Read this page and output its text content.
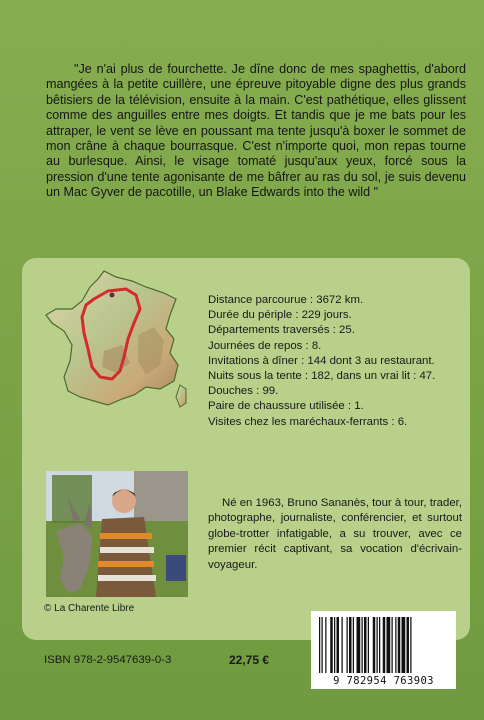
"Je n'ai plus de fourchette. Je dîne donc de mes spaghettis, d'abord mangées à la petite cuillère, une épreuve pitoyable digne des plus grands bêtisiers de la télévision, ensuite à la main. C'est pathétique, elles glissent comme des anguilles entre mes doigts. Et tandis que je me bats pour les attraper, le vent se lève en poussant ma tente jusqu'à boxer le sommet de mon crâne à chaque bourrasque. C'est n'importe quoi, mon repas tourne au burlesque. Ainsi, le visage tomaté jusqu'aux yeux, forcé sous la pression d'une tente agonisante de me bâfrer au ras du sol, je suis devenu un Mac Gyver de pacotille, un Blake Edwards into the wild "
Distance parcourue : 3672 km.
Durée du périple : 229 jours.
Départements traversés : 25.
Journées de repos : 8.
Invitations à dîner : 144 dont 3 au restaurant.
Nuits sous la tente : 182, dans un vrai lit : 47.
Douches : 99.
Paire de chaussure utilisée : 1.
Visites chez les maréchaux-ferrants : 6.
© La Charente Libre
Né en 1963, Bruno Sananès, tour à tour, trader, photographe, journaliste, conférencier, et surtout globe-trotter infatigable, a su trouver, avec ce premier récit captivant, sa vocation d'écrivain-voyageur.
ISBN 978-2-9547639-0-3	22,75 €
9 782954 763903
